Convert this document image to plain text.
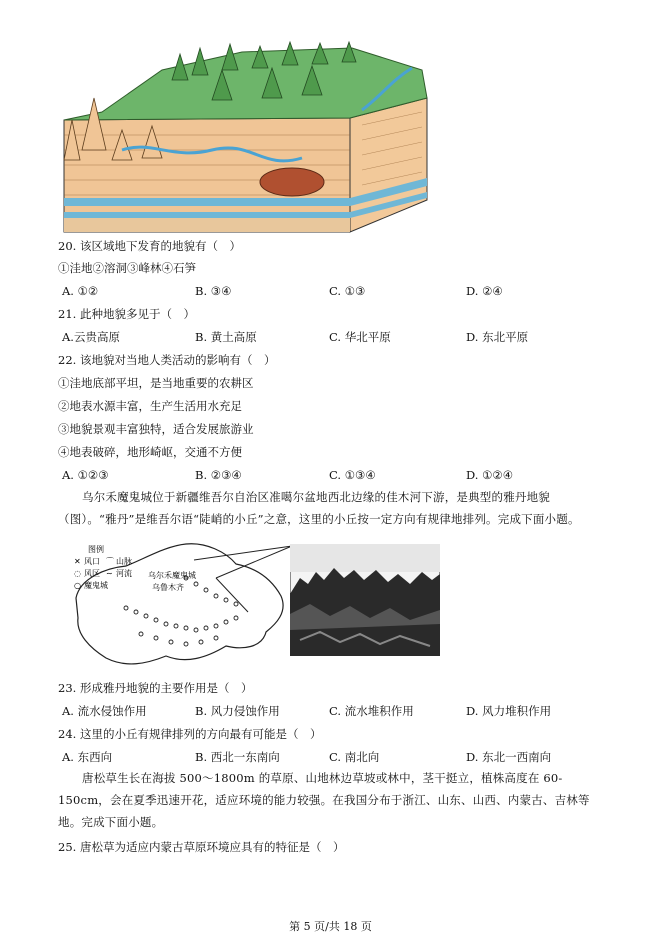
20. 该区域地下发育的地貌有（　）
①洼地②溶洞③峰林④石笋
A. ①②	B. ③④	C. ①③	D. ②④
21. 此种地貌多见于（　）
A.云贵高原	B. 黄土高原	C. 华北平原	D. 东北平原
22. 该地貌对当地人类活动的影响有（　）
①洼地底部平坦，是当地重要的农耕区
②地表水源丰富，生产生活用水充足
③地貌景观丰富独特，适合发展旅游业
④地表破碎，地形崎岖，交通不方便
A. ①②③	B. ②③④	C. ①③④	D. ①②④
乌尔禾魔鬼城位于新疆维吾尔自治区准噶尔盆地西北边缘的佳木河下游，是典型的雅丹地貌（图）。“雅丹”是维吾尔语“陡峭的小丘”之意，这里的小丘按一定方向有规律地排列。完成下面小题。
图例
✕ 风口 ⌒ 山脉
◌ 风区 ∼ 河流
○ 魔鬼城
乌尔禾魔鬼城
乌鲁木齐
23. 形成雅丹地貌的主要作用是（　）
A. 流水侵蚀作用	B. 风力侵蚀作用	C. 流水堆积作用	D. 风力堆积作用
24. 这里的小丘有规律排列的方向最有可能是（　）
A. 东西向	B. 西北一东南向	C. 南北向	D. 东北一西南向
唐松草生长在海拔 500～1800m 的草原、山地林边草坡或林中，茎干挺立，植株高度在 60-150cm，会在夏季迅速开花，适应环境的能力较强。在我国分布于浙江、山东、山西、内蒙古、吉林等地。完成下面小题。
25. 唐松草为适应内蒙古草原环境应具有的特征是（　）
第 5 页/共 18 页
